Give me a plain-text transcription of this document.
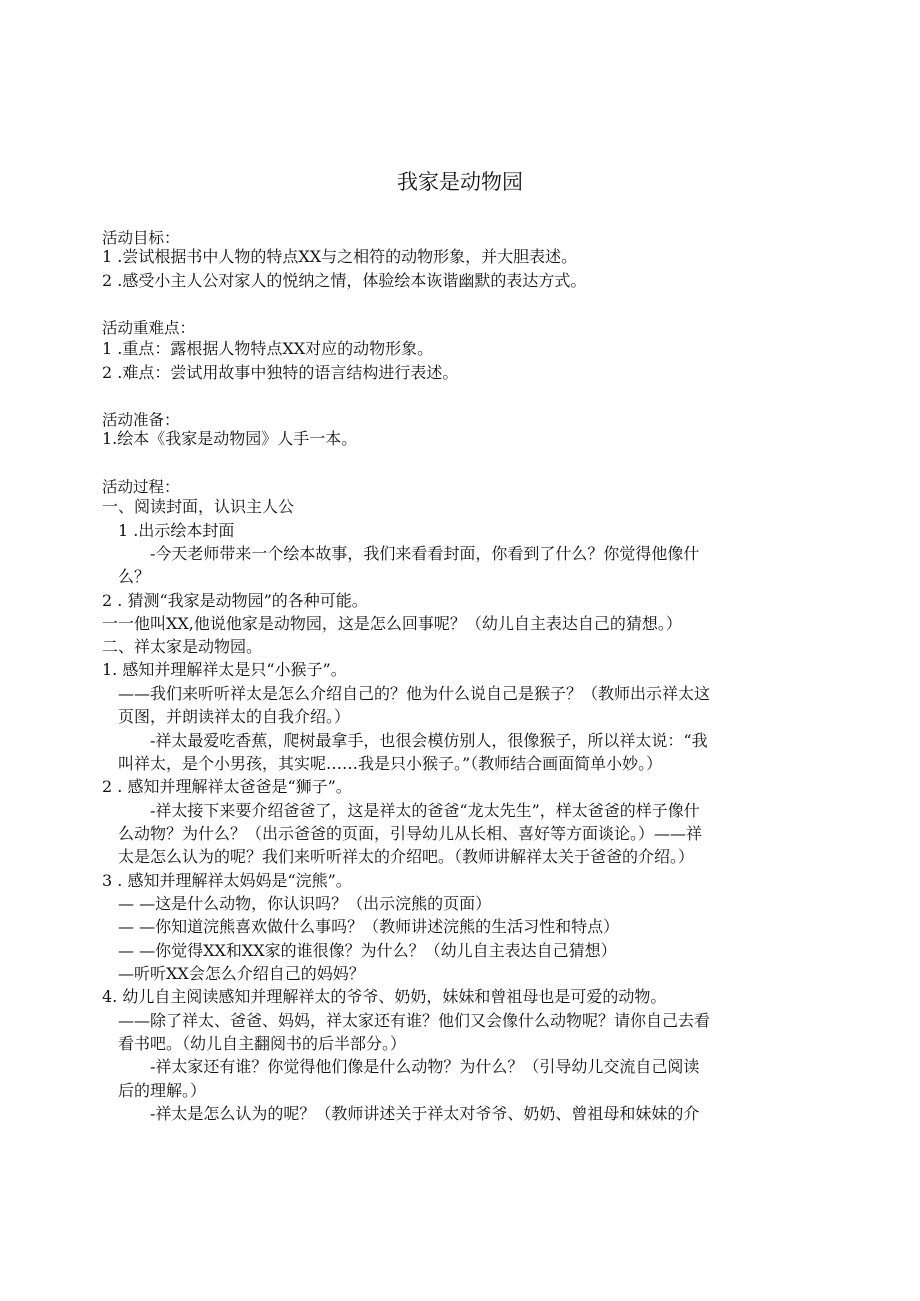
我家是动物园
活动目标：
1 .尝试根据书中人物的特点XX与之相符的动物形象，并大胆表述。
2 .感受小主人公对家人的悦纳之情，体验绘本诙谐幽默的表达方式。
活动重难点：
1 .重点：露根据人物特点XX对应的动物形象。
2 .难点：尝试用故事中独特的语言结构进行表述。
活动准备：
1.绘本《我家是动物园》人手一本。
活动过程：
一、阅读封面，认识主人公
1 .出示绘本封面
-今天老师带来一个绘本故事，我们来看看封面，你看到了什么？你觉得他像什
么？
2 . 猜测“我家是动物园”的各种可能。
一一他叫XX,他说他家是动物园，这是怎么回事呢？（幼儿自主表达自己的猜想。）
二、祥太家是动物园。
1. 感知并理解祥太是只“小猴子”。
——我们来听听祥太是怎么介绍自己的？他为什么说自己是猴子？（教师出示祥太这
页图，并朗读祥太的自我介绍。）
-祥太最爱吃香蕉，爬树最拿手，也很会模仿别人，很像猴子，所以祥太说：“我
叫祥太，是个小男孩，其实呢……我是只小猴子。”（教师结合画面简单小妙。）
2 . 感知并理解祥太爸爸是“狮子”。
-祥太接下来要介绍爸爸了，这是祥太的爸爸“龙太先生”，样太爸爸的样子像什
么动物？为什么？（出示爸爸的页面，引导幼儿从长相、喜好等方面谈论。）——祥
太是怎么认为的呢？我们来听听祥太的介绍吧。（教师讲解祥太关于爸爸的介绍。）
3 . 感知并理解祥太妈妈是“浣熊”。
— —这是什么动物，你认识吗？（出示浣熊的页面）
— —你知道浣熊喜欢做什么事吗？（教师讲述浣熊的生活习性和特点）
— —你觉得XX和XX家的谁很像？为什么？（幼儿自主表达自己猜想）
—听听XX会怎么介绍自己的妈妈？
4. 幼儿自主阅读感知并理解祥太的爷爷、奶奶，妹妹和曾祖母也是可爱的动物。
——除了祥太、爸爸、妈妈，祥太家还有谁？他们又会像什么动物呢？请你自己去看
看书吧。（幼儿自主翻阅书的后半部分。）
-祥太家还有谁？你觉得他们像是什么动物？为什么？（引导幼儿交流自己阅读
后的理解。）
-祥太是怎么认为的呢？（教师讲述关于祥太对爷爷、奶奶、曾祖母和妹妹的介
